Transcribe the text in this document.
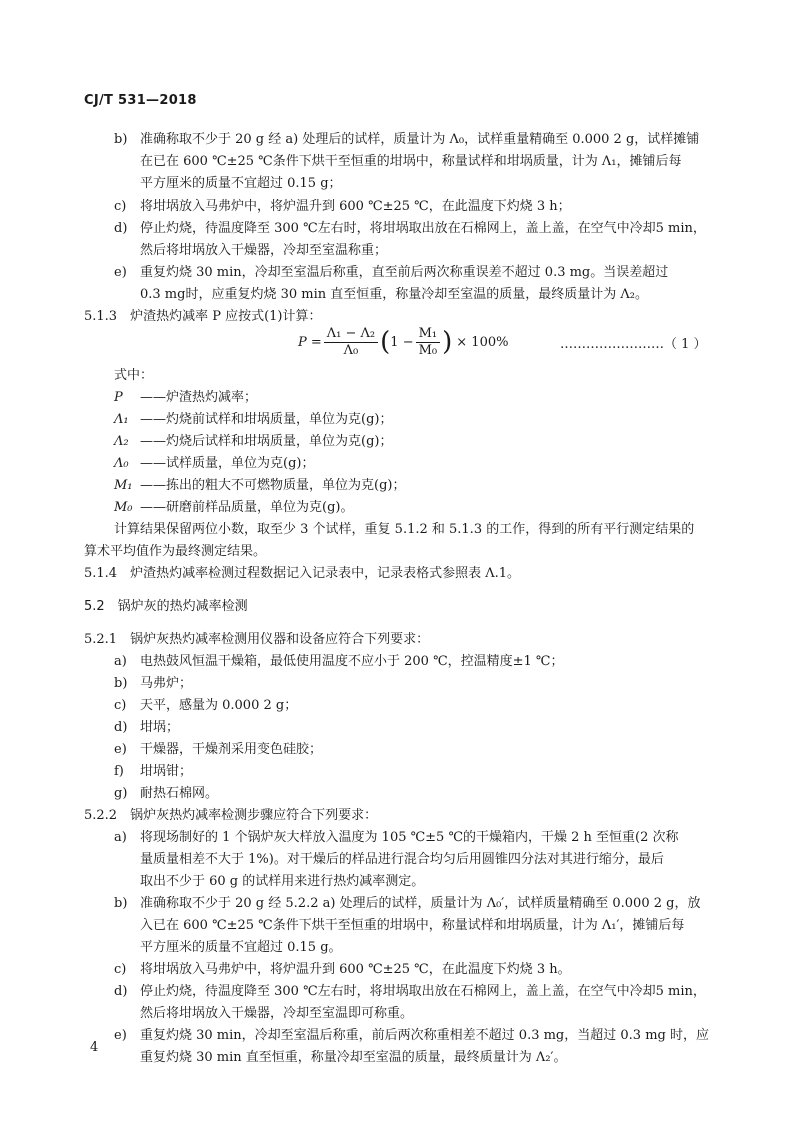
CJ/T 531—2018
b) 准确称取不少于 20 g 经 a) 处理后的试样，质量计为 Λ₀，试样重量精确至 0.000 2 g，试样摊铺
在已在 600 ℃±25 ℃条件下烘干至恒重的坩埚中，称量试样和坩埚质量，计为 Λ₁，摊铺后每
平方厘米的质量不宜超过 0.15 g；
c)	将坩埚放入马弗炉中，将炉温升到 600 ℃±25 ℃，在此温度下灼烧 3 h；
d) 停止灼烧，待温度降至 300 ℃左右时，将坩埚取出放在石棉网上，盖上盖，在空气中冷却5 min，
然后将坩埚放入干燥器，冷却至室温称重；
e)	重复灼烧 30 min，冷却至室温后称重，直至前后两次称重误差不超过 0.3 mg。当误差超过
0.3 mg时，应重复灼烧 30 min 直至恒重，称量冷却至室温的质量，最终质量计为 Λ₂。
5.1.3　炉渣热灼减率 P 应按式(1)计算：
$P = \frac{\text{Λ₁ − Λ₂}}{\text{Λ₀}}$ ( $1 - \frac{\text{M₁}}{\text{M₀}}$ ) × 100%	……………………（ 1 ）
式中：
P ——炉渣热灼减率；
Λ₁ ——灼烧前试样和坩埚质量，单位为克(g)；
Λ₂ ——灼烧后试样和坩埚质量，单位为克(g)；
Λ₀ ——试样质量，单位为克(g)；
M₁ ——拣出的粗大不可燃物质量，单位为克(g)；
M₀ ——研磨前样品质量，单位为克(g)。
计算结果保留两位小数，取至少 3 个试样，重复 5.1.2 和 5.1.3 的工作，得到的所有平行测定结果的
算术平均值作为最终测定结果。
5.1.4　炉渣热灼减率检测过程数据记入记录表中，记录表格式参照表 Λ.1。
5.2　锅炉灰的热灼减率检测
5.2.1　锅炉灰热灼减率检测用仪器和设备应符合下列要求：
a)	电热鼓风恒温干燥箱，最低使用温度不应小于 200 ℃，控温精度±1 ℃；
b) 马弗炉；
c)	天平，感量为 0.000 2 g；
d) 坩埚；
e)	干燥器，干燥剂采用变色硅胶；
f)	坩埚钳；
g) 耐热石棉网。
5.2.2　锅炉灰热灼减率检测步骤应符合下列要求：
a)	将现场制好的 1 个锅炉灰大样放入温度为 105 ℃±5 ℃的干燥箱内，干燥 2 h 至恒重(2 次称
量质量相差不大于 1%)。对干燥后的样品进行混合均匀后用圆锥四分法对其进行缩分，最后
取出不少于 60 g 的试样用来进行热灼减率测定。
b) 准确称取不少于 20 g 经 5.2.2 a) 处理后的试样，质量计为 Λ₀′，试样质量精确至 0.000 2 g，放
入已在 600 ℃±25 ℃条件下烘干至恒重的坩埚中，称量试样和坩埚质量，计为 Λ₁′，摊铺后每
平方厘米的质量不宜超过 0.15 g。
c)	将坩埚放入马弗炉中，将炉温升到 600 ℃±25 ℃，在此温度下灼烧 3 h。
d) 停止灼烧，待温度降至 300 ℃左右时，将坩埚取出放在石棉网上，盖上盖，在空气中冷却5 min，
然后将坩埚放入干燥器，冷却至室温即可称重。
e)	重复灼烧 30 min，冷却至室温后称重，前后两次称重相差不超过 0.3 mg，当超过 0.3 mg 时，应
重复灼烧 30 min 直至恒重，称量冷却至室温的质量，最终质量计为 Λ₂′。
4
